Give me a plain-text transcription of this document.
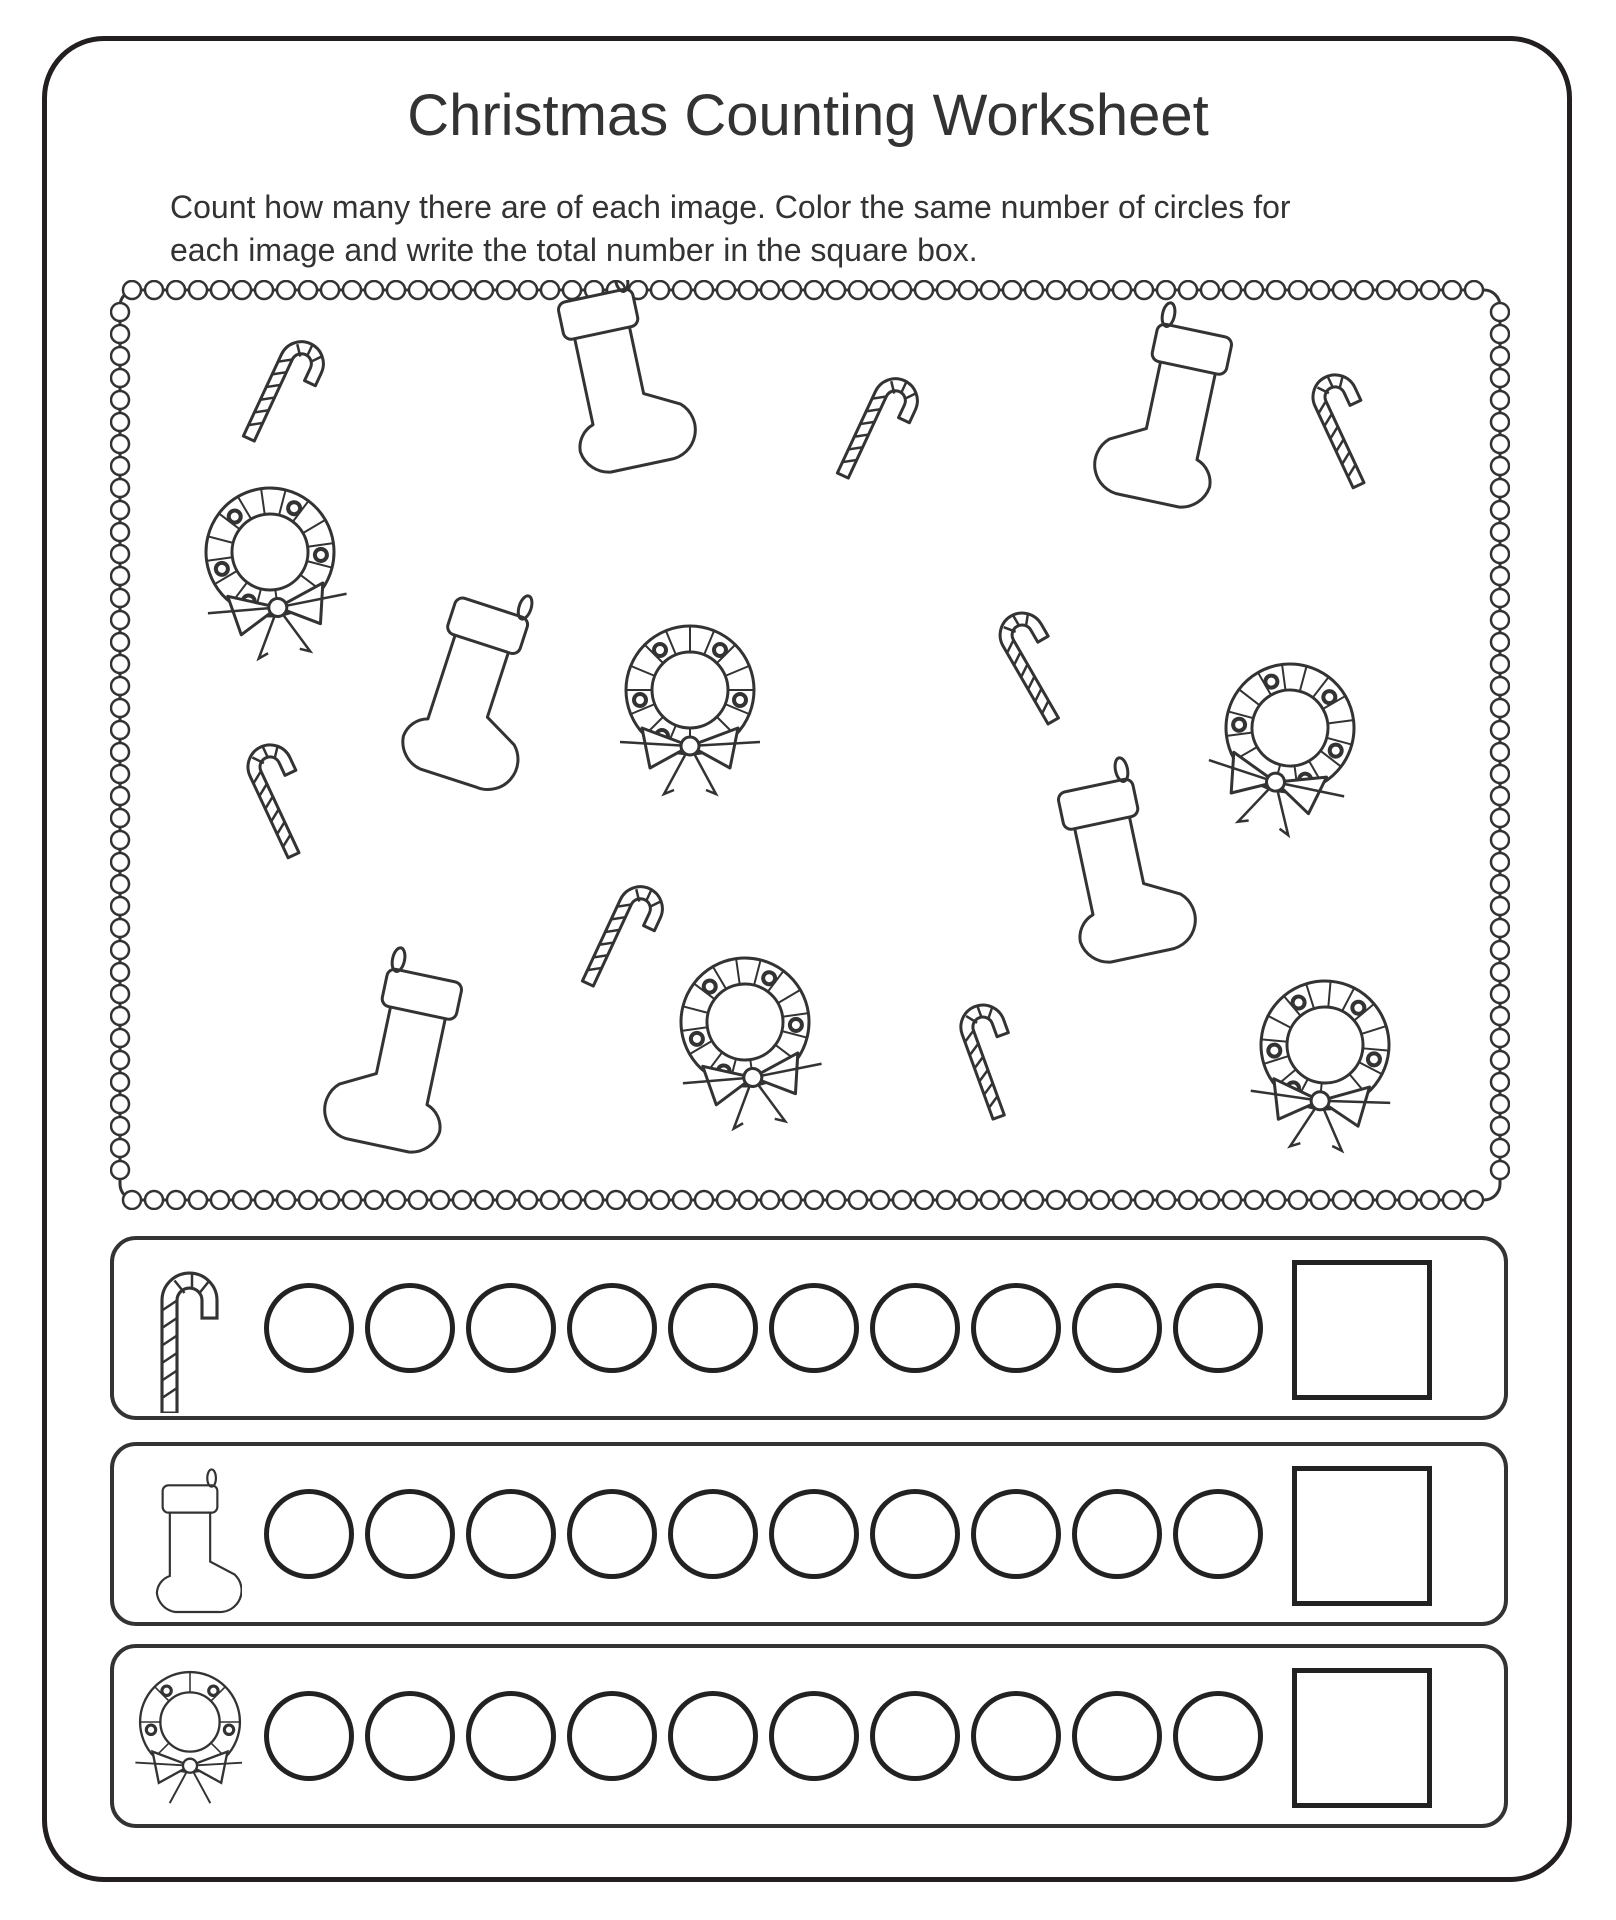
Christmas Counting Worksheet

Count how many there are of each image. Color the same number of circles for
each image and write the total number in the square box.
